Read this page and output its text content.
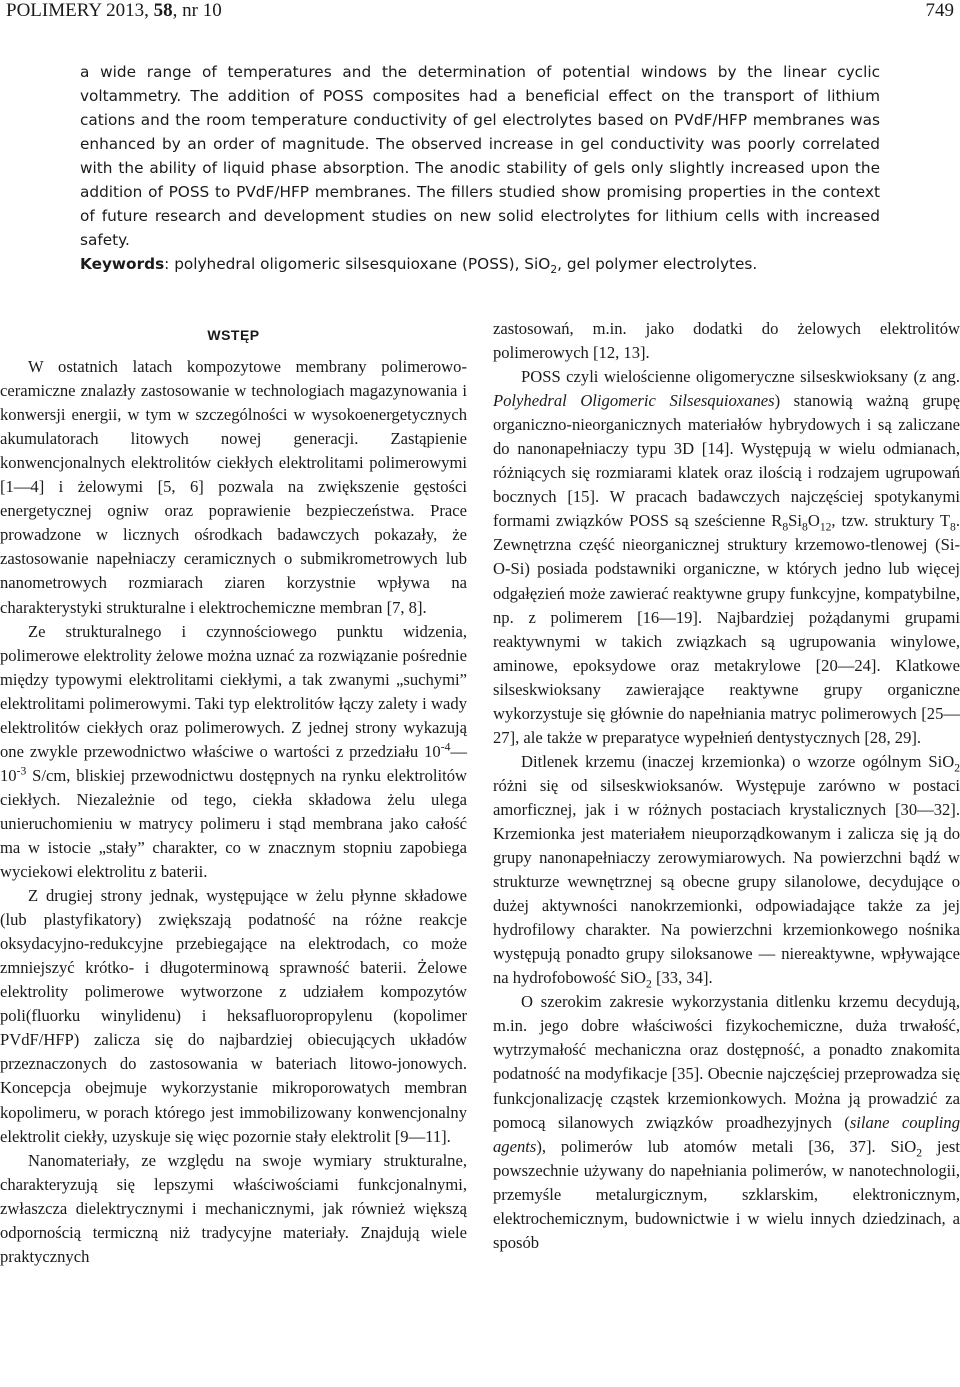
POLIMERY 2013, 58, nr 10	749
a wide range of temperatures and the determination of potential windows by the linear cyclic voltammetry. The addition of POSS composites had a beneficial effect on the transport of lithium cations and the room temperature conductivity of gel electrolytes based on PVdF/HFP membranes was enhanced by an order of magnitude. The observed increase in gel conductivity was poorly correlated with the ability of liquid phase absorption. The anodic stability of gels only slightly increased upon the addition of POSS to PVdF/HFP membranes. The fillers studied show promising properties in the context of future research and development studies on new solid electrolytes for lithium cells with increased safety.
Keywords: polyhedral oligomeric silsesquioxane (POSS), SiO$_2$, gel polymer electrolytes.
WSTĘP

W ostatnich latach kompozytowe membrany polimerowo-ceramiczne znalazły zastosowanie w technologiach magazynowania i konwersji energii, w tym w szczególności w wysokoenergetycznych akumulatorach litowych nowej generacji. Zastąpienie konwencjonalnych elektrolitów ciekłych elektrolitami polimerowymi [1—4] i żelowymi [5, 6] pozwala na zwiększenie gęstości energetycznej ogniw oraz poprawienie bezpieczeństwa. Prace prowadzone w licznych ośrodkach badawczych pokazały, że zastosowanie napełniaczy ceramicznych o submikrometrowych lub nanometrowych rozmiarach ziaren korzystnie wpływa na charakterystyki strukturalne i elektrochemiczne membran [7, 8].

Ze strukturalnego i czynnościowego punktu widzenia, polimerowe elektrolity żelowe można uznać za rozwiązanie pośrednie między typowymi elektrolitami ciekłymi, a tak zwanymi „suchymi” elektrolitami polimerowymi. Taki typ elektrolitów łączy zalety i wady elektrolitów ciekłych oraz polimerowych. Z jednej strony wykazują one zwykle przewodnictwo właściwe o wartości z przedziału $10^{-4}—10^{-3}$ S/cm, bliskiej przewodnictwu dostępnych na rynku elektrolitów ciekłych. Niezależnie od tego, ciekła składowa żelu ulega unieruchomieniu w matrycy polimeru i stąd membrana jako całość ma w istocie „stały” charakter, co w znacznym stopniu zapobiega wyciekowi elektrolitu z baterii.

Z drugiej strony jednak, występujące w żelu płynne składowe (lub plastyfikatory) zwiększają podatność na różne reakcje oksydacyjno-redukcyjne przebiegające na elektrodach, co może zmniejszyć krótko- i długoterminową sprawność baterii. Żelowe elektrolity polimerowe wytworzone z udziałem kompozytów poli(fluorku winylidenu) i heksafluoropropylenu (kopolimer PVdF/HFP) zalicza się do najbardziej obiecujących układów przeznaczonych do zastosowania w bateriach litowo-jonowych. Koncepcja obejmuje wykorzystanie mikroporowatych membran kopolimeru, w porach którego jest immobilizowany konwencjonalny elektrolit ciekły, uzyskuje się więc pozornie stały elektrolit [9—11].

Nanomateriały, ze względu na swoje wymiary strukturalne, charakteryzują się lepszymi właściwościami funkcjonalnymi, zwłaszcza dielektrycznymi i mechanicznymi, jak również większą odpornością termiczną niż tradycyjne materiały. Znajdują wiele praktycznych

zastosowań, m.in. jako dodatki do żelowych elektrolitów polimerowych [12, 13].

POSS czyli wielościenne oligomeryczne silseskwioksany (z ang. Polyhedral Oligomeric Silsesquioxanes) stanowią ważną grupę organiczno-nieorganicznych materiałów hybrydowych i są zaliczane do nanonapełniaczy typu 3D [14]. Występują w wielu odmianach, różniących się rozmiarami klatek oraz ilością i rodzajem ugrupowań bocznych [15]. W pracach badawczych najczęściej spotykanymi formami związków POSS są sześcienne $R_8Si_8O_{12}$, tzw. struktury $T_8$. Zewnętrzna część nieorganicznej struktury krzemowo-tlenowej (Si-O-Si) posiada podstawniki organiczne, w których jedno lub więcej odgałęzień może zawierać reaktywne grupy funkcyjne, kompatybilne, np. z polimerem [16—19]. Najbardziej pożądanymi grupami reaktywnymi w takich związkach są ugrupowania winylowe, aminowe, epoksydowe oraz metakrylowe [20—24]. Klatkowe silseskwioksany zawierające reaktywne grupy organiczne wykorzystuje się głównie do napełniania matryc polimerowych [25—27], ale także w preparatyce wypełnień dentystycznych [28, 29].

Ditlenek krzemu (inaczej krzemionka) o wzorze ogólnym SiO$_2$ różni się od silseskwioksanów. Występuje zarówno w postaci amorficznej, jak i w różnych postaciach krystalicznych [30—32]. Krzemionka jest materiałem nieuporządkowanym i zalicza się ją do grupy nanonapełniaczy zerowymiarowych. Na powierzchni bądź w strukturze wewnętrznej są obecne grupy silanolowe, decydujące o dużej aktywności nanokrzemionki, odpowiadające także za jej hydrofilowy charakter. Na powierzchni krzemionkowego nośnika występują ponadto grupy siloksanowe — niereaktywne, wpływające na hydrofobowość SiO$_2$ [33, 34].

O szerokim zakresie wykorzystania ditlenku krzemu decydują, m.in. jego dobre właściwości fizykochemiczne, duża trwałość, wytrzymałość mechaniczna oraz dostępność, a ponadto znakomita podatność na modyfikacje [35]. Obecnie najczęściej przeprowadza się funkcjonalizację cząstek krzemionkowych. Można ją prowadzić za pomocą silanowych związków proadhezyjnych (silane coupling agents), polimerów lub atomów metali [36, 37]. SiO$_2$ jest powszechnie używany do napełniania polimerów, w nanotechnologii, przemyśle metalurgicznym, szklarskim, elektronicznym, elektrochemicznym, budownictwie i w wielu innych dziedzinach, a sposób
